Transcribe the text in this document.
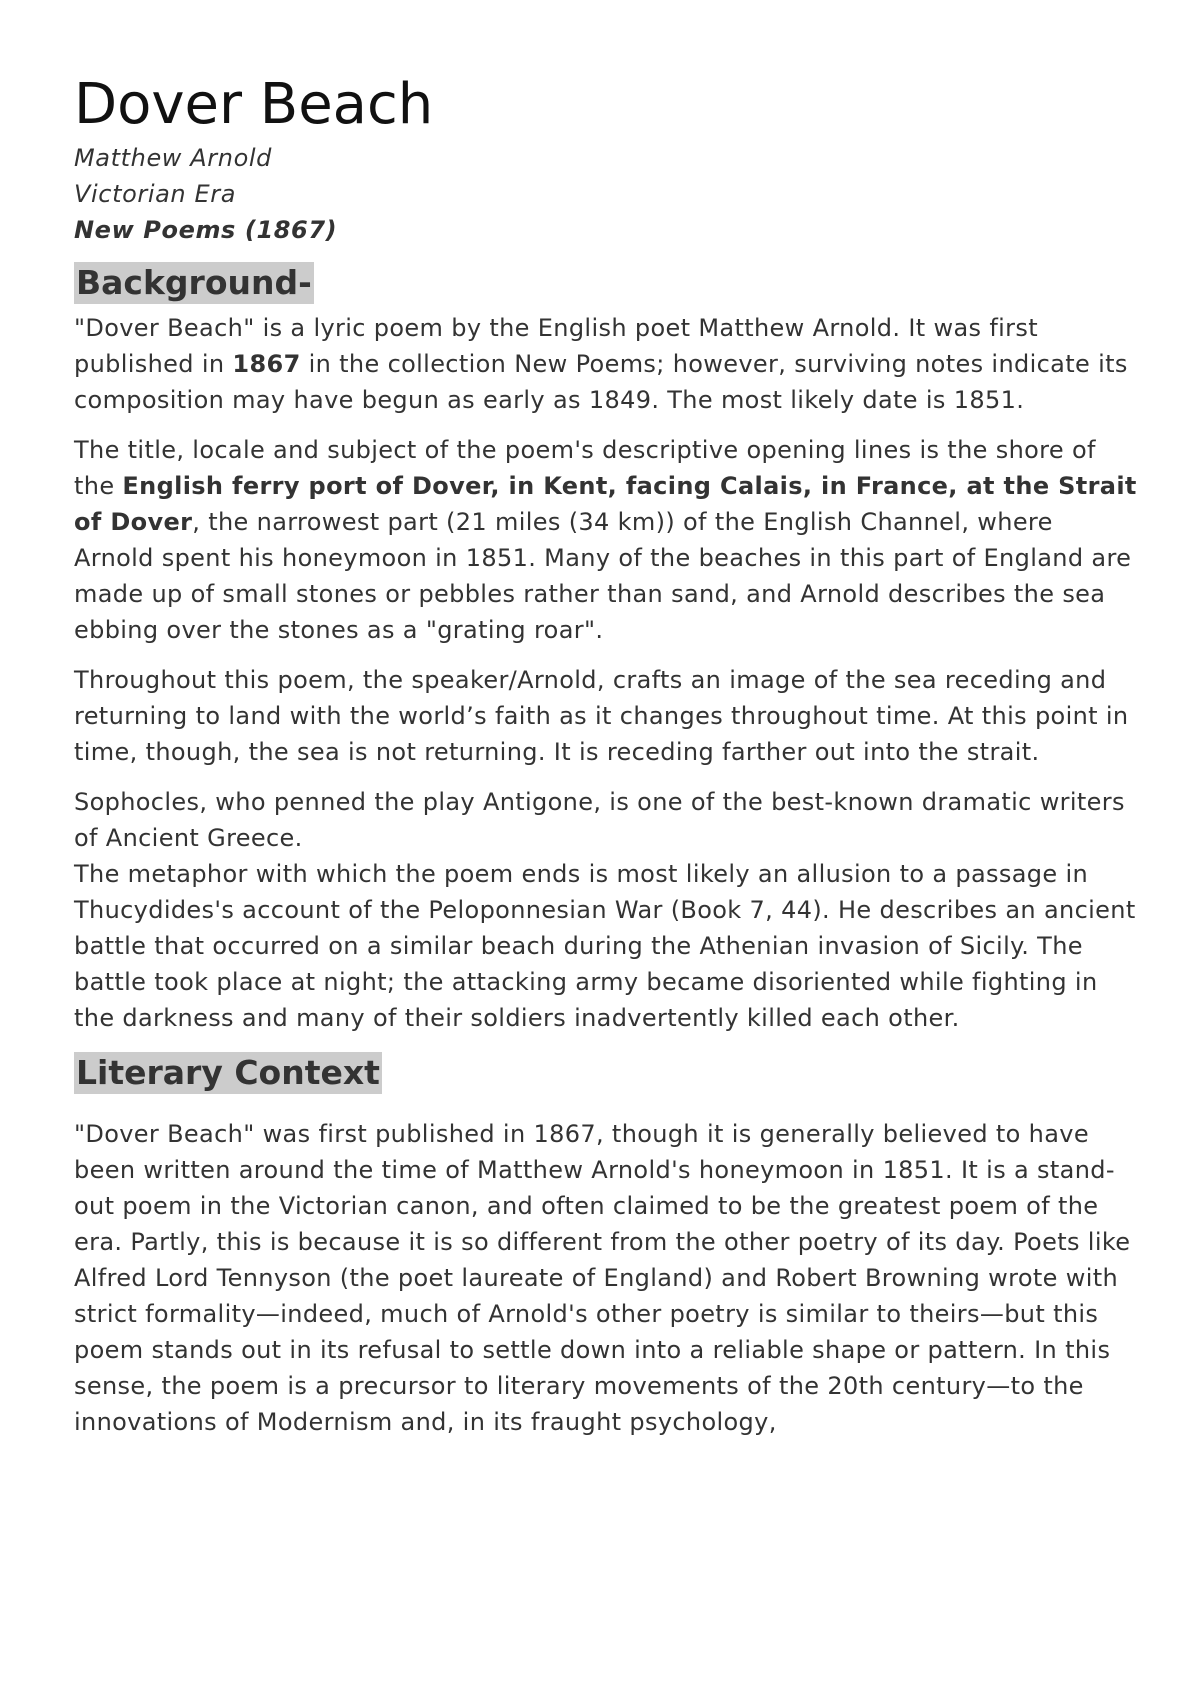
Dover Beach

Matthew Arnold

Victorian Era

New Poems (1867)

Background-

"Dover Beach" is a lyric poem by the English poet Matthew Arnold. It was first published in 1867 in the collection New Poems; however, surviving notes indicate its composition may have begun as early as 1849. The most likely date is 1851.

The title, locale and subject of the poem's descriptive opening lines is the shore of the English ferry port of Dover, in Kent, facing Calais, in France, at the Strait of Dover, the narrowest part (21 miles (34 km)) of the English Channel, where Arnold spent his honeymoon in 1851. Many of the beaches in this part of England are made up of small stones or pebbles rather than sand, and Arnold describes the sea ebbing over the stones as a "grating roar".

Throughout this poem, the speaker/Arnold, crafts an image of the sea receding and returning to land with the world’s faith as it changes throughout time. At this point in time, though, the sea is not returning. It is receding farther out into the strait.

Sophocles, who penned the play Antigone, is one of the best-known dramatic writers of Ancient Greece.

The metaphor with which the poem ends is most likely an allusion to a passage in Thucydides's account of the Peloponnesian War (Book 7, 44). He describes an ancient battle that occurred on a similar beach during the Athenian invasion of Sicily. The battle took place at night; the attacking army became disoriented while fighting in the darkness and many of their soldiers inadvertently killed each other.

Literary Context

"Dover Beach" was first published in 1867, though it is generally believed to have been written around the time of Matthew Arnold's honeymoon in 1851. It is a stand-out poem in the Victorian canon, and often claimed to be the greatest poem of the era. Partly, this is because it is so different from the other poetry of its day. Poets like Alfred Lord Tennyson (the poet laureate of England) and Robert Browning wrote with strict formality—indeed, much of Arnold's other poetry is similar to theirs—but this poem stands out in its refusal to settle down into a reliable shape or pattern. In this sense, the poem is a precursor to literary movements of the 20th century—to the innovations of Modernism and, in its fraught psychology,
